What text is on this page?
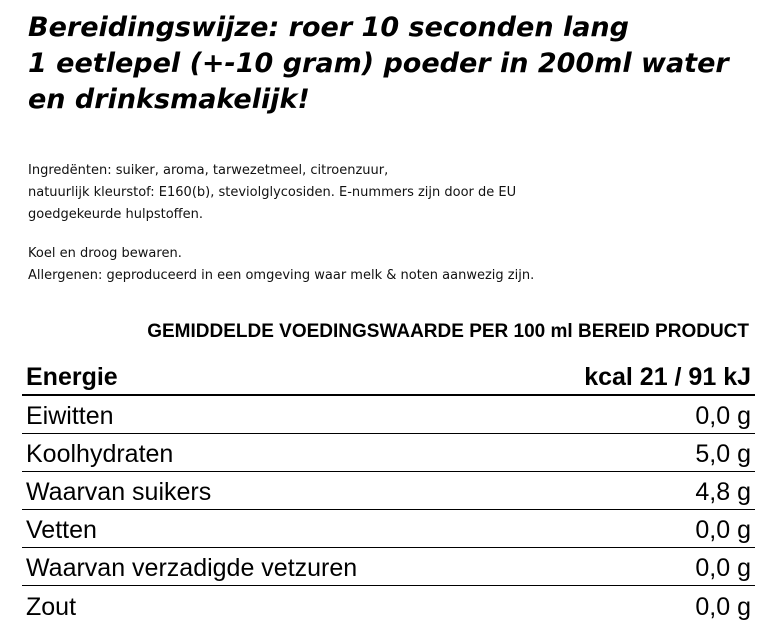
Bereidingswijze: roer 10 seconden lang
1 eetlepel (+-10 gram) poeder in 200ml water
en drinksmakelijk!
Ingredënten: suiker, aroma, tarwezetmeel, citroenzuur,
natuurlijk kleurstof: E160(b), steviolglycosiden. E-nummers zijn door de EU
goedgekeurde hulpstoffen.
Koel en droog bewaren.
Allergenen: geproduceerd in een omgeving waar melk & noten aanwezig zijn.
GEMIDDELDE VOEDINGSWAARDE PER 100 ml BEREID PRODUCT
Energie	kcal 21 / 91 kJ
Eiwitten	0,0 g
Koolhydraten	5,0 g
Waarvan suikers	4,8 g
Vetten	0,0 g
Waarvan verzadigde vetzuren	0,0 g
Zout	0,0 g
